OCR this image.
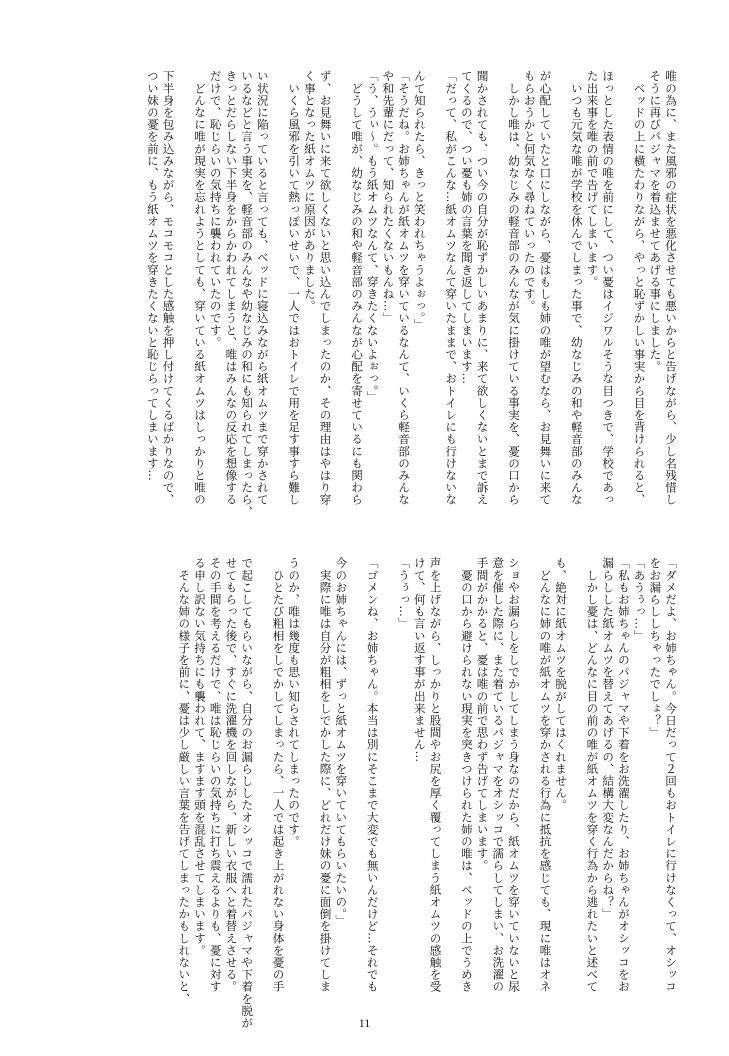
唯の為に、また風邪の症状を悪化させても悪いからと告げながら、少し名残惜し

そうに再びパジャマを着込ませてあげる事にしました。

　ベッドの上に横たわりながら、やっと恥ずかしい事実から目を背けられると、

ほっとした表情の唯を前にして、つい憂はイジワルそうな目つきで、学校であっ

た出来事を唯の前で告げてしまいます。

　いつも元気な唯が学校を休んでしまった事で、幼なじみの和や軽音部のみんな

が心配していたと口にしながら、憂はもしも姉の唯が望むなら、お見舞いに来て

もらおうかと何気なく尋ねていったのです。

　しかし唯は、幼なじみの軽音部のみんなが気に掛けている事実を、憂の口から

聞かされても、つい今の自分が恥ずかしいあまりに、来て欲しくないとまで訴え

てくるので、つい憂も姉の言葉を聞き返してしまいます…

「だって、私がこんな…紙オムツなんて穿いたままで、おトイレにも行けないな

んて知られたら、きっと笑われちゃうよぉっ。」

「そうだね。お姉ちゃんが紙オムツを穿いているなんて、いくら軽音部のみんな

や和先輩にだって、知られたくないもんね…」

「う、うぃ～。もう紙オムツなんて、穿きたくないよぉっ。」

　どうして唯が、幼なじみの和や軽音部のみんなが心配を寄せているにも関わら

ず、お見舞いに来て欲しくないと思い込んでしまったのか、その理由はやはり穿

く事となった紙オムツに原因がありました。

　いくら風邪を引いて熱っぽいせいで、一人ではおトイレで用を足す事すら難し

い状況に陥っていると言っても、ベッドに寝込みながら紙オムツまで穿かされて

いるなどと言う事実を、軽音部のみんなや幼なじみの和にも知られてしまったら、

きっとだらしない下半身をからかわれてしまうと、唯はみんなの反応を想像する

だけで、恥じらいの気持ちに襲われていたのです。

　どんなに唯が現実を忘れようとしても、穿いている紙オムツはしっかりと唯の

下半身を包み込みながら、モコモコとした感触を押し付けてくるばかりなので、

つい妹の憂を前に、もう紙オムツを穿きたくないと恥じらってしまいます…

「ダメだよ、お姉ちゃん。今日だって２回もおトイレに行けなくって、オシッコ

をお漏らししちゃったでしょ？」

「あうぅっ…」

「私もお姉ちゃんのパジャマや下着をお洗濯したり、お姉ちゃんがオシッコをお

漏らしした紙オムツを替えてあげるの、結構大変なんだからね？」

　しかし憂は、どんなに目の前の唯が紙オムツを穿く行為から逃れたいと述べて

も、絶対に紙オムツを脱がしてはくれません。

　どんなに姉の唯が紙オムツを穿かされる行為に抵抗を感じても、現に唯はオネ

ショやお漏らしをしでかしてしまう身なのだから、紙オムツを穿いていないと尿

意を催した際に、また着ているパジャマをオシッコで濡らしてしまい、お洗濯の

手間がかかると、憂は唯の前で思わず告げてしまいます。

　憂の口から避けられない現実を突きつけられた姉の唯は、ベッドの上でうめき

声を上げながら、しっかりと股間やお尻を厚く覆ってしまう紙オムツの感触を受

けて、何も言い返す事が出来ません…

「うぅっ…」

「ゴメンね、お姉ちゃん。本当は別にそこまで大変でも無いんだけど…それでも

今のお姉ちゃんには、ずっと紙オムツを穿いていてもらいたいの。」

　実際に唯は自分が粗相をしでかした際に、どれだけ妹の憂に面倒を掛けてしま

うのか、唯は幾度も思い知らされてしまったのです。

　ひとたび粗相をしでかしてしまったら、一人では起き上がれない身体を憂の手

で起こしてもらいながら、自分のお漏らししたオシッコで濡れたパジャマや下着を脱が

せてもらった後で、すぐに洗濯機を回しながら、新しい衣服へと着替えさせる。

その手間を考えるだけで、唯は恥じらいの気持ちに打ち震えるよりも、憂に対す

る申し訳ない気持ちにも襲われて、ますます頭を混乱させてしまいます。

　そんな姉の様子を前に、憂は少し厳しい言葉を告げてしまったかもしれないと、

11
